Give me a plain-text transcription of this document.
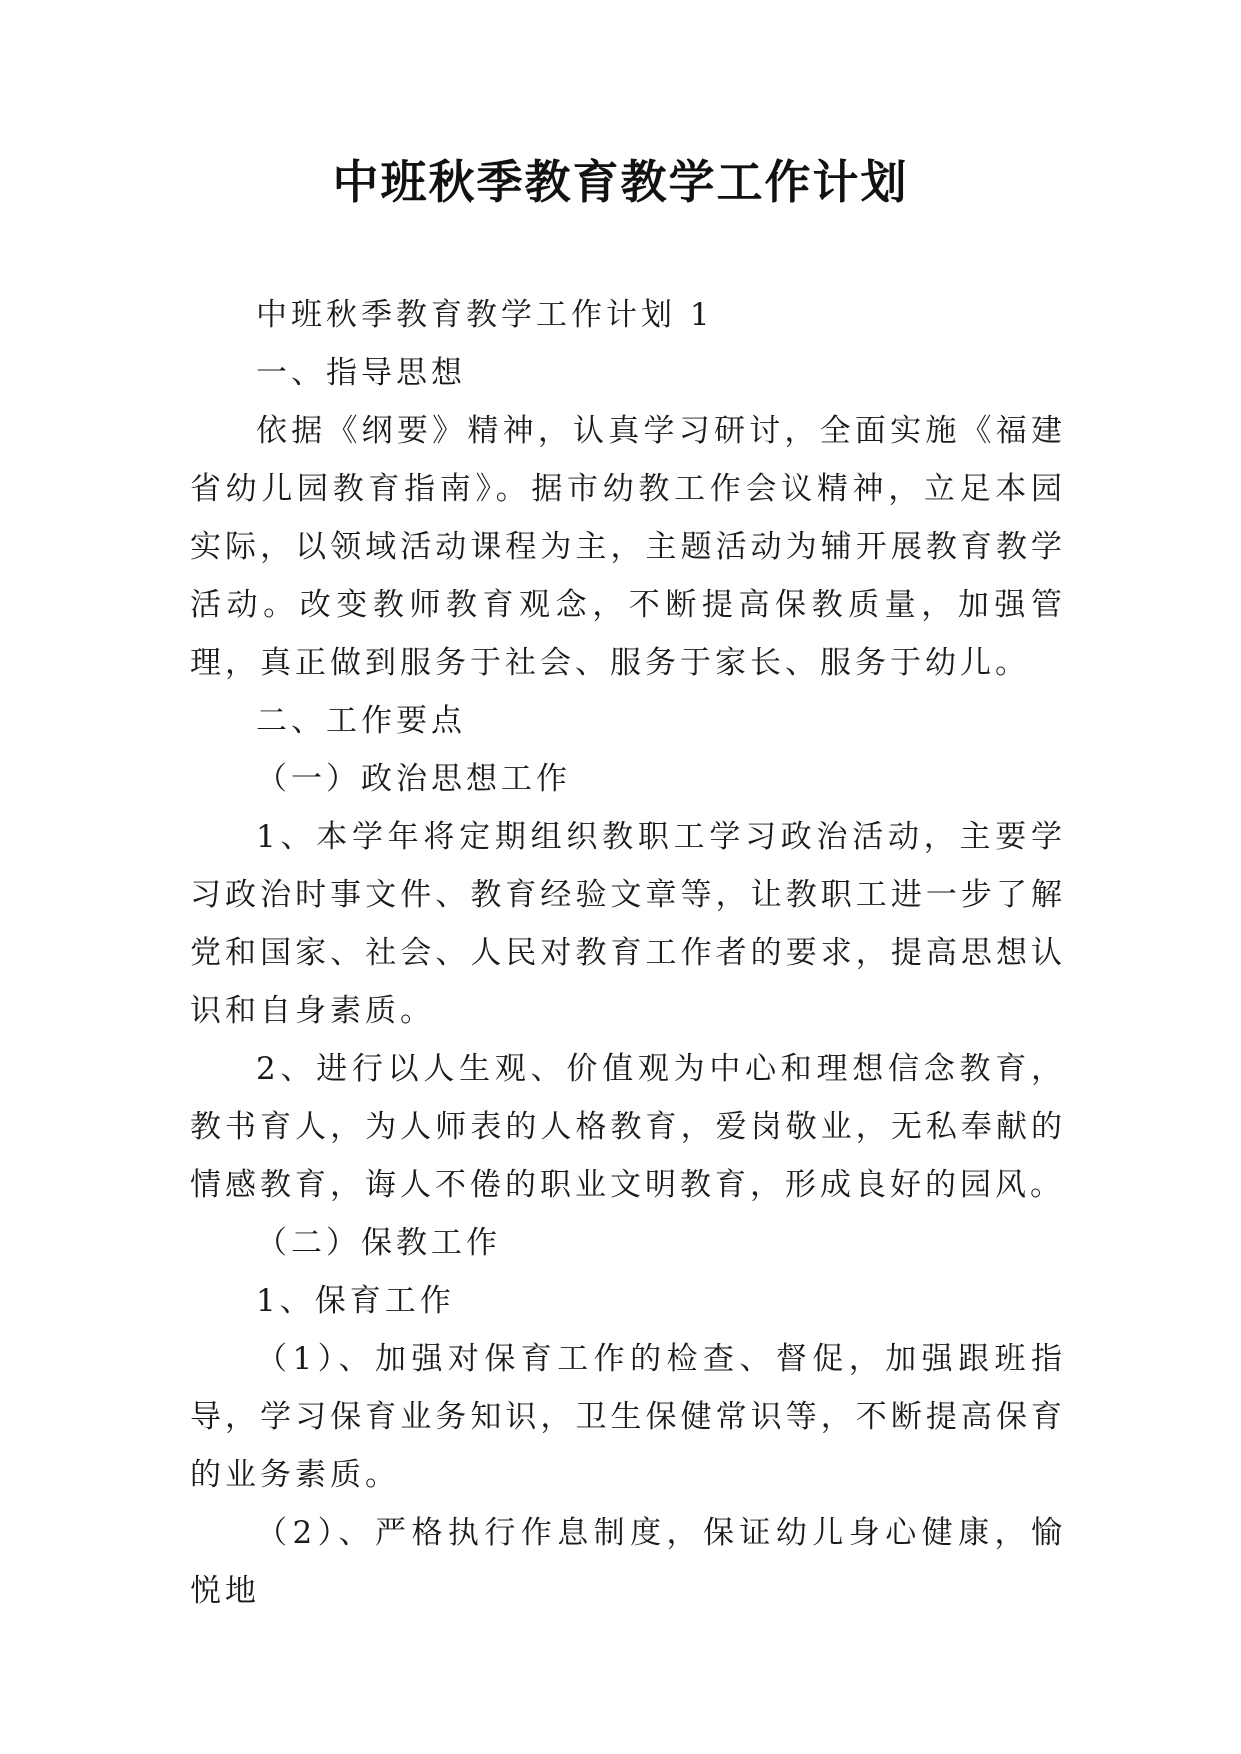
中班秋季教育教学工作计划

中班秋季教育教学工作计划 1

一、指导思想

依据《纲要》精神，认真学习研讨，全面实施《福建省幼儿园教育指南》。据市幼教工作会议精神，立足本园实际，以领域活动课程为主，主题活动为辅开展教育教学活动。改变教师教育观念，不断提高保教质量，加强管理，真正做到服务于社会、服务于家长、服务于幼儿。

二、工作要点

（一）政治思想工作

1、本学年将定期组织教职工学习政治活动，主要学习政治时事文件、教育经验文章等，让教职工进一步了解党和国家、社会、人民对教育工作者的要求，提高思想认识和自身素质。

2、进行以人生观、价值观为中心和理想信念教育，教书育人，为人师表的人格教育，爱岗敬业，无私奉献的情感教育，诲人不倦的职业文明教育，形成良好的园风。

（二）保教工作

1、保育工作

（1）、加强对保育工作的检查、督促，加强跟班指导，学习保育业务知识，卫生保健常识等，不断提高保育的业务素质。

（2）、严格执行作息制度，保证幼儿身心健康，愉悦地
